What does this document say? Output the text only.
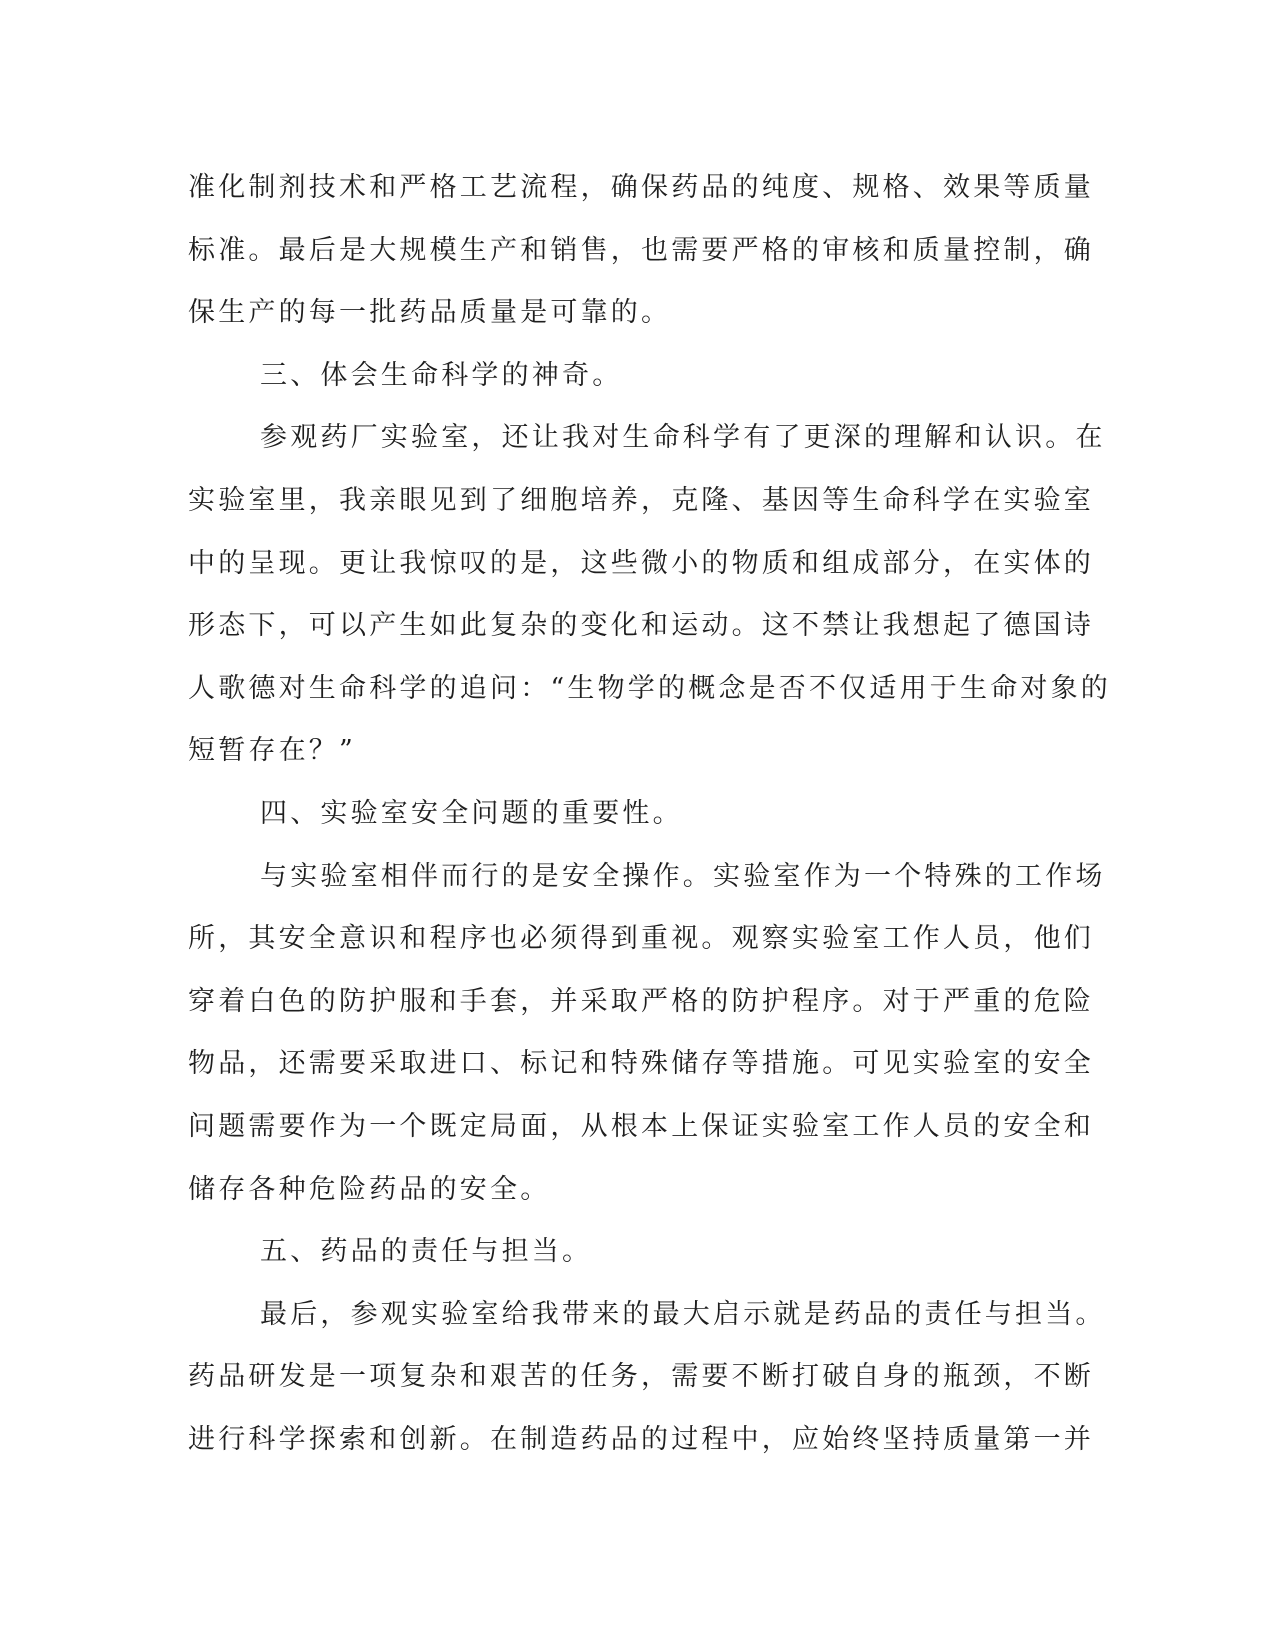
准化制剂技术和严格工艺流程，确保药品的纯度、规格、效果等质量
标准。最后是大规模生产和销售，也需要严格的审核和质量控制，确
保生产的每一批药品质量是可靠的。
三、体会生命科学的神奇。
参观药厂实验室，还让我对生命科学有了更深的理解和认识。在
实验室里，我亲眼见到了细胞培养，克隆、基因等生命科学在实验室
中的呈现。更让我惊叹的是，这些微小的物质和组成部分，在实体的
形态下，可以产生如此复杂的变化和运动。这不禁让我想起了德国诗
人歌德对生命科学的追问：“生物学的概念是否不仅适用于生命对象的
短暂存在？”
四、实验室安全问题的重要性。
与实验室相伴而行的是安全操作。实验室作为一个特殊的工作场
所，其安全意识和程序也必须得到重视。观察实验室工作人员，他们
穿着白色的防护服和手套，并采取严格的防护程序。对于严重的危险
物品，还需要采取进口、标记和特殊储存等措施。可见实验室的安全
问题需要作为一个既定局面，从根本上保证实验室工作人员的安全和
储存各种危险药品的安全。
五、药品的责任与担当。
最后，参观实验室给我带来的最大启示就是药品的责任与担当。
药品研发是一项复杂和艰苦的任务，需要不断打破自身的瓶颈，不断
进行科学探索和创新。在制造药品的过程中，应始终坚持质量第一并
